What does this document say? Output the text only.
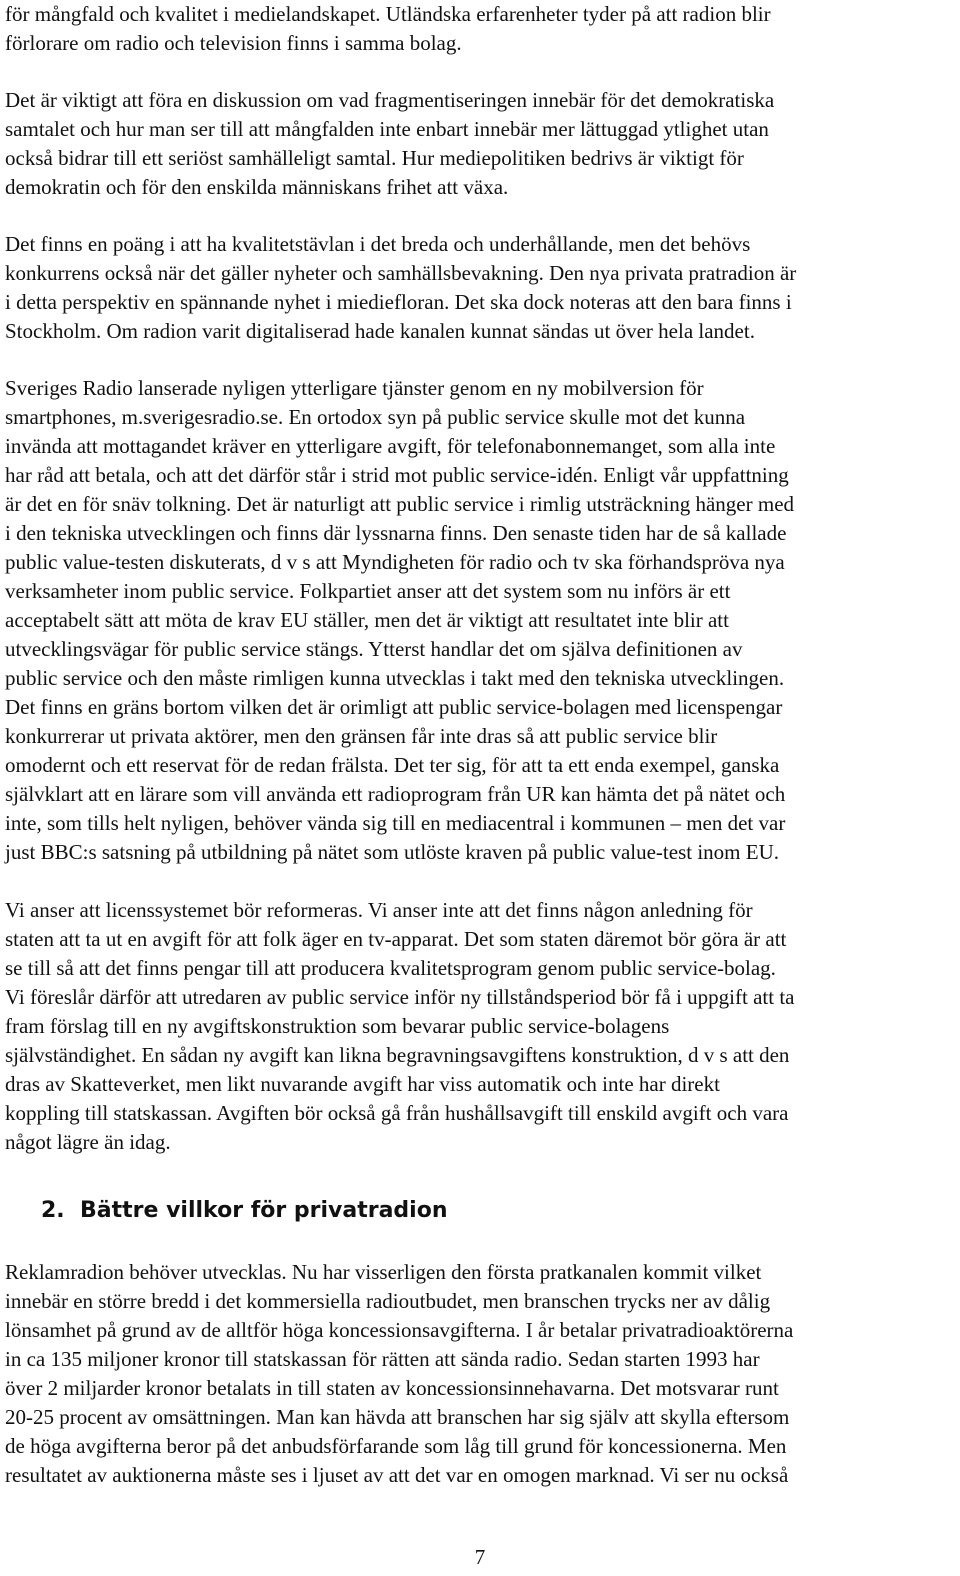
för mångfald och kvalitet i medielandskapet. Utländska erfarenheter tyder på att radion blir

förlorare om radio och television finns i samma bolag.

Det är viktigt att föra en diskussion om vad fragmentiseringen innebär för det demokratiska

samtalet och hur man ser till att mångfalden inte enbart innebär mer lättuggad ytlighet utan

också bidrar till ett seriöst samhälleligt samtal. Hur mediepolitiken bedrivs är viktigt för

demokratin och för den enskilda människans frihet att växa.

Det finns en poäng i att ha kvalitetstävlan i det breda och underhållande, men det behövs

konkurrens också när det gäller nyheter och samhällsbevakning. Den nya privata pratradion är

i detta perspektiv en spännande nyhet i miediefloran. Det ska dock noteras att den bara finns i

Stockholm. Om radion varit digitaliserad hade kanalen kunnat sändas ut över hela landet.

Sveriges Radio lanserade nyligen ytterligare tjänster genom en ny mobilversion för

smartphones, m.sverigesradio.se. En ortodox syn på public service skulle mot det kunna

invända att mottagandet kräver en ytterligare avgift, för telefonabonnemanget, som alla inte

har råd att betala, och att det därför står i strid mot public service-idén. Enligt vår uppfattning

är det en för snäv tolkning. Det är naturligt att public service i rimlig utsträckning hänger med

i den tekniska utvecklingen och finns där lyssnarna finns. Den senaste tiden har de så kallade

public value-testen diskuterats, d v s att Myndigheten för radio och tv ska förhandspröva nya

verksamheter inom public service. Folkpartiet anser att det system som nu införs är ett

acceptabelt sätt att möta de krav EU ställer, men det är viktigt att resultatet inte blir att

utvecklingsvägar för public service stängs. Ytterst handlar det om själva definitionen av

public service och den måste rimligen kunna utvecklas i takt med den tekniska utvecklingen.

Det finns en gräns bortom vilken det är orimligt att public service-bolagen med licenspengar

konkurrerar ut privata aktörer, men den gränsen får inte dras så att public service blir

omodernt och ett reservat för de redan frälsta. Det ter sig, för att ta ett enda exempel, ganska

självklart att en lärare som vill använda ett radioprogram från UR kan hämta det på nätet och

inte, som tills helt nyligen, behöver vända sig till en mediacentral i kommunen – men det var

just BBC:s satsning på utbildning på nätet som utlöste kraven på public value-test inom EU.

Vi anser att licenssystemet bör reformeras. Vi anser inte att det finns någon anledning för

staten att ta ut en avgift för att folk äger en tv-apparat. Det som staten däremot bör göra är att

se till så att det finns pengar till att producera kvalitetsprogram genom public service-bolag.

Vi föreslår därför att utredaren av public service inför ny tillståndsperiod bör få i uppgift att ta

fram förslag till en ny avgiftskonstruktion som bevarar public service-bolagens

självständighet. En sådan ny avgift kan likna begravningsavgiftens konstruktion, d v s att den

dras av Skatteverket, men likt nuvarande avgift har viss automatik och inte har direkt

koppling till statskassan. Avgiften bör också gå från hushållsavgift till enskild avgift och vara

något lägre än idag.

2. Bättre villkor för privatradion

Reklamradion behöver utvecklas. Nu har visserligen den första pratkanalen kommit vilket

innebär en större bredd i det kommersiella radioutbudet, men branschen trycks ner av dålig

lönsamhet på grund av de alltför höga koncessionsavgifterna. I år betalar privatradioaktörerna

in ca 135 miljoner kronor till statskassan för rätten att sända radio. Sedan starten 1993 har

över 2 miljarder kronor betalats in till staten av koncessionsinnehavarna. Det motsvarar runt

20-25 procent av omsättningen. Man kan hävda att branschen har sig själv att skylla eftersom

de höga avgifterna beror på det anbudsförfarande som låg till grund för koncessionerna. Men

resultatet av auktionerna måste ses i ljuset av att det var en omogen marknad. Vi ser nu också

7
